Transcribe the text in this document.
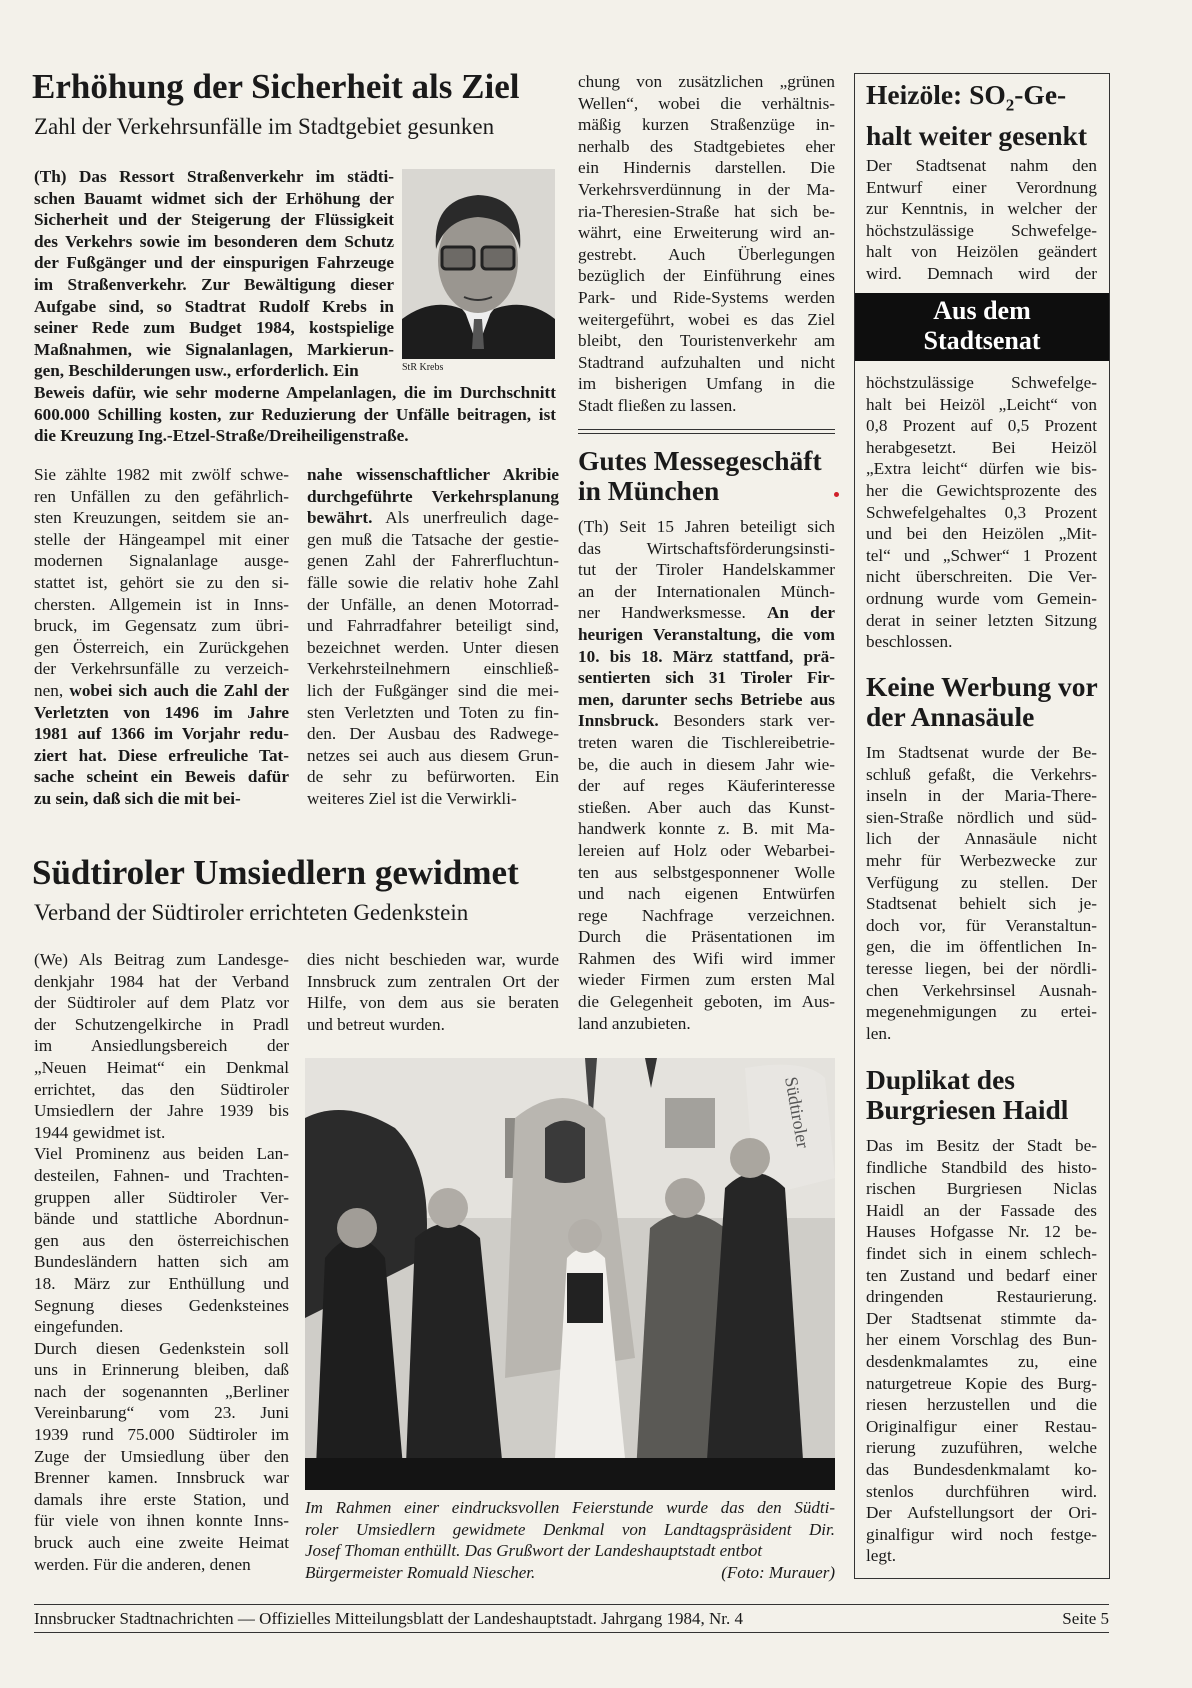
Erhöhung der Sicherheit als Ziel
Zahl der Verkehrsunfälle im Stadtgebiet gesunken
(Th) Das Ressort Straßenverkehr im städti-
schen Bauamt widmet sich der Erhöhung der
Sicherheit und der Steigerung der Flüssigkeit
des Verkehrs sowie im besonderen dem Schutz
der Fußgänger und der einspurigen Fahrzeuge
im Straßenverkehr. Zur Bewältigung dieser
Aufgabe sind, so Stadtrat Rudolf Krebs in
seiner Rede zum Budget 1984, kostspielige
Maßnahmen, wie Signalanlagen, Markierun-
gen, Beschilderungen usw., erforderlich. Ein
Beweis dafür, wie sehr moderne Ampelanlagen, die im Durchschnitt
600.000 Schilling kosten, zur Reduzierung der Unfälle beitragen, ist
die Kreuzung Ing.-Etzel-Straße/Dreiheiligenstraße.
StR Krebs
Sie zählte 1982 mit zwölf schwe-
ren Unfällen zu den gefährlich-
sten Kreuzungen, seitdem sie an-
stelle der Hängeampel mit einer
modernen Signalanlage ausge-
stattet ist, gehört sie zu den si-
chersten. Allgemein ist in Inns-
bruck, im Gegensatz zum übri-
gen Österreich, ein Zurückgehen
der Verkehrsunfälle zu verzeich-
nen, wobei sich auch die Zahl der
Verletzten von 1496 im Jahre
1981 auf 1366 im Vorjahr redu-
ziert hat. Diese erfreuliche Tat-
sache scheint ein Beweis dafür
zu sein, daß sich die mit bei-
nahe wissenschaftlicher Akribie
durchgeführte Verkehrsplanung
bewährt. Als unerfreulich dage-
gen muß die Tatsache der gestie-
genen Zahl der Fahrerfluchtun-
fälle sowie die relativ hohe Zahl
der Unfälle, an denen Motorrad-
und Fahrradfahrer beteiligt sind,
bezeichnet werden. Unter diesen
Verkehrsteilnehmern einschließ-
lich der Fußgänger sind die mei-
sten Verletzten und Toten zu fin-
den. Der Ausbau des Radwege-
netzes sei auch aus diesem Grun-
de sehr zu befürworten. Ein
weiteres Ziel ist die Verwirkli-
chung von zusätzlichen „grünen
Wellen“, wobei die verhältnis-
mäßig kurzen Straßenzüge in-
nerhalb des Stadtgebietes eher
ein Hindernis darstellen. Die
Verkehrsverdünnung in der Ma-
ria-Theresien-Straße hat sich be-
währt, eine Erweiterung wird an-
gestrebt. Auch Überlegungen
bezüglich der Einführung eines
Park- und Ride-Systems werden
weitergeführt, wobei es das Ziel
bleibt, den Touristenverkehr am
Stadtrand aufzuhalten und nicht
im bisherigen Umfang in die
Stadt fließen zu lassen.
Gutes Messegeschäft
in München
(Th) Seit 15 Jahren beteiligt sich
das Wirtschaftsförderungsinsti-
tut der Tiroler Handelskammer
an der Internationalen Münch-
ner Handwerksmesse. An der
heurigen Veranstaltung, die vom
10. bis 18. März stattfand, prä-
sentierten sich 31 Tiroler Fir-
men, darunter sechs Betriebe aus
Innsbruck. Besonders stark ver-
treten waren die Tischlereibetrie-
be, die auch in diesem Jahr wie-
der auf reges Käuferinteresse
stießen. Aber auch das Kunst-
handwerk konnte z. B. mit Ma-
lereien auf Holz oder Webarbei-
ten aus selbstgesponnener Wolle
und nach eigenen Entwürfen
rege Nachfrage verzeichnen.
Durch die Präsentationen im
Rahmen des Wifi wird immer
wieder Firmen zum ersten Mal
die Gelegenheit geboten, im Aus-
land anzubieten.
Südtiroler Umsiedlern gewidmet
Verband der Südtiroler errichteten Gedenkstein
(We) Als Beitrag zum Landesge-
denkjahr 1984 hat der Verband
der Südtiroler auf dem Platz vor
der Schutzengelkirche in Pradl
im Ansiedlungsbereich der
„Neuen Heimat“ ein Denkmal
errichtet, das den Südtiroler
Umsiedlern der Jahre 1939 bis
1944 gewidmet ist.
Viel Prominenz aus beiden Lan-
desteilen, Fahnen- und Trachten-
gruppen aller Südtiroler Ver-
bände und stattliche Abordnun-
gen aus den österreichischen
Bundesländern hatten sich am
18. März zur Enthüllung und
Segnung dieses Gedenksteines
eingefunden.
Durch diesen Gedenkstein soll
uns in Erinnerung bleiben, daß
nach der sogenannten „Berliner
Vereinbarung“ vom 23. Juni
1939 rund 75.000 Südtiroler im
Zuge der Umsiedlung über den
Brenner kamen. Innsbruck war
damals ihre erste Station, und
für viele von ihnen konnte Inns-
bruck auch eine zweite Heimat
werden. Für die anderen, denen
dies nicht beschieden war, wurde
Innsbruck zum zentralen Ort der
Hilfe, von dem aus sie beraten
und betreut wurden.
Südtiroler
Im Rahmen einer eindrucksvollen Feierstunde wurde das den Südti-
roler Umsiedlern gewidmete Denkmal von Landtagspräsident Dir.
Josef Thoman enthüllt. Das Grußwort der Landeshauptstadt entbot
Bürgermeister Romuald Niescher.	(Foto: Murauer)
Heizöle: $SO_2-Ge-$
halt weiter gesenkt
Der Stadtsenat nahm den
Entwurf einer Verordnung
zur Kenntnis, in welcher der
höchstzulässige Schwefelge-
halt von Heizölen geändert
wird. Demnach wird der
Aus dem
Stadtsenat
höchstzulässige Schwefelge-
halt bei Heizöl „Leicht“ von
0,8 Prozent auf 0,5 Prozent
herabgesetzt. Bei Heizöl
„Extra leicht“ dürfen wie bis-
her die Gewichtsprozente des
Schwefelgehaltes 0,3 Prozent
und bei den Heizölen „Mit-
tel“ und „Schwer“ 1 Prozent
nicht überschreiten. Die Ver-
ordnung wurde vom Gemein-
derat in seiner letzten Sitzung
beschlossen.
Keine Werbung vor der Annasäule
Im Stadtsenat wurde der Be-
schluß gefaßt, die Verkehrs-
inseln in der Maria-There-
sien-Straße nördlich und süd-
lich der Annasäule nicht
mehr für Werbezwecke zur
Verfügung zu stellen. Der
Stadtsenat behielt sich je-
doch vor, für Veranstaltun-
gen, die im öffentlichen In-
teresse liegen, bei der nördli-
chen Verkehrsinsel Ausnah-
megenehmigungen zu ertei-
len.
Duplikat des Burgriesen Haidl
Das im Besitz der Stadt be-
findliche Standbild des histo-
rischen Burgriesen Niclas
Haidl an der Fassade des
Hauses Hofgasse Nr. 12 be-
findet sich in einem schlech-
ten Zustand und bedarf einer
dringenden Restaurierung.
Der Stadtsenat stimmte da-
her einem Vorschlag des Bun-
desdenkmalamtes zu, eine
naturgetreue Kopie des Burg-
riesen herzustellen und die
Originalfigur einer Restau-
rierung zuzuführen, welche
das Bundesdenkmalamt ko-
stenlos durchführen wird.
Der Aufstellungsort der Ori-
ginalfigur wird noch festge-
legt.
Innsbrucker Stadtnachrichten — Offizielles Mitteilungsblatt der Landeshauptstadt. Jahrgang 1984, Nr. 4	Seite 5
